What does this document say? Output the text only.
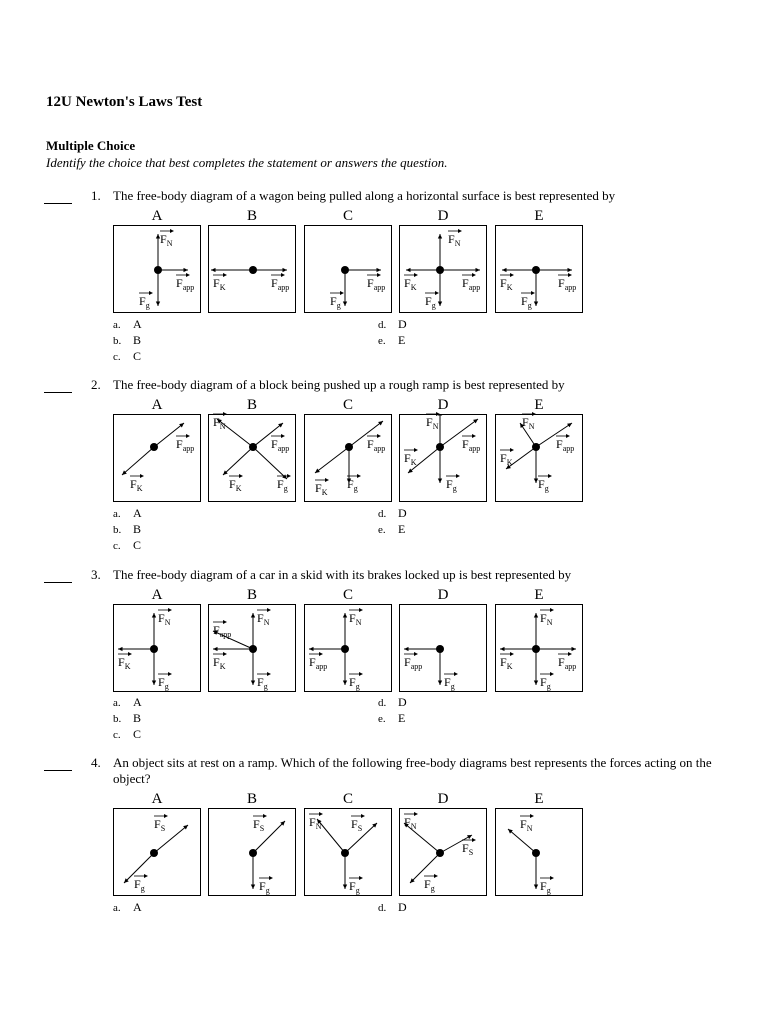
12U Newton's Laws Test
Multiple Choice
Identify the choice that best completes the statement or answers the question.
1. The free-body diagram of a wagon being pulled along a horizontal surface is best represented by
a. A
b. B
c. C
d. D
e. E
A
$F_N$
$F_{app}$
$F_g$
B
$F_K$	$F_{app}$
C
$F_{app}$
$F_g$
D
$F_N$
$F_K$	$F_{app}$
$F_g$
E
$F_K$	$F_{app}$
$F_g$
2. The free-body diagram of a block being pushed up a rough ramp is best represented by
a. A
b. B
c. C
d. D
e. E
A
$F_{app}$
$F_K$
B
$F_N$
$F_{app}$
$F_K$	$F_g$
C
$F_{app}$
$F_K$
$F_g$
D
$F_N$
$F_{app}$
$F_K$
$F_g$
E
$F_N$
$F_{app}$
$F_K$
$F_g$
3. The free-body diagram of a car in a skid with its brakes locked up is best represented by
a. A
b. B
c. C
d. D
e. E
A
$F_N$
$F_K$
$F_g$
B
$F_N$
$F_{app}$
$F_K$
$F_g$
C
$F_N$
$F_{app}$
$F_g$
D
$F_{app}$
$F_g$
E
$F_N$
$F_K$	$F_{app}$
$F_g$
4. An object sits at rest on a ramp. Which of the following free-body diagrams best represents the forces acting on the object?
a. A	d. D
A
$F_S$
$F_g$
B
$F_S$
$F_g$
C
$F_N$ $F_S$
$F_g$
D
$F_N$
$F_S$
$F_g$
E
$F_N$
$F_g$
